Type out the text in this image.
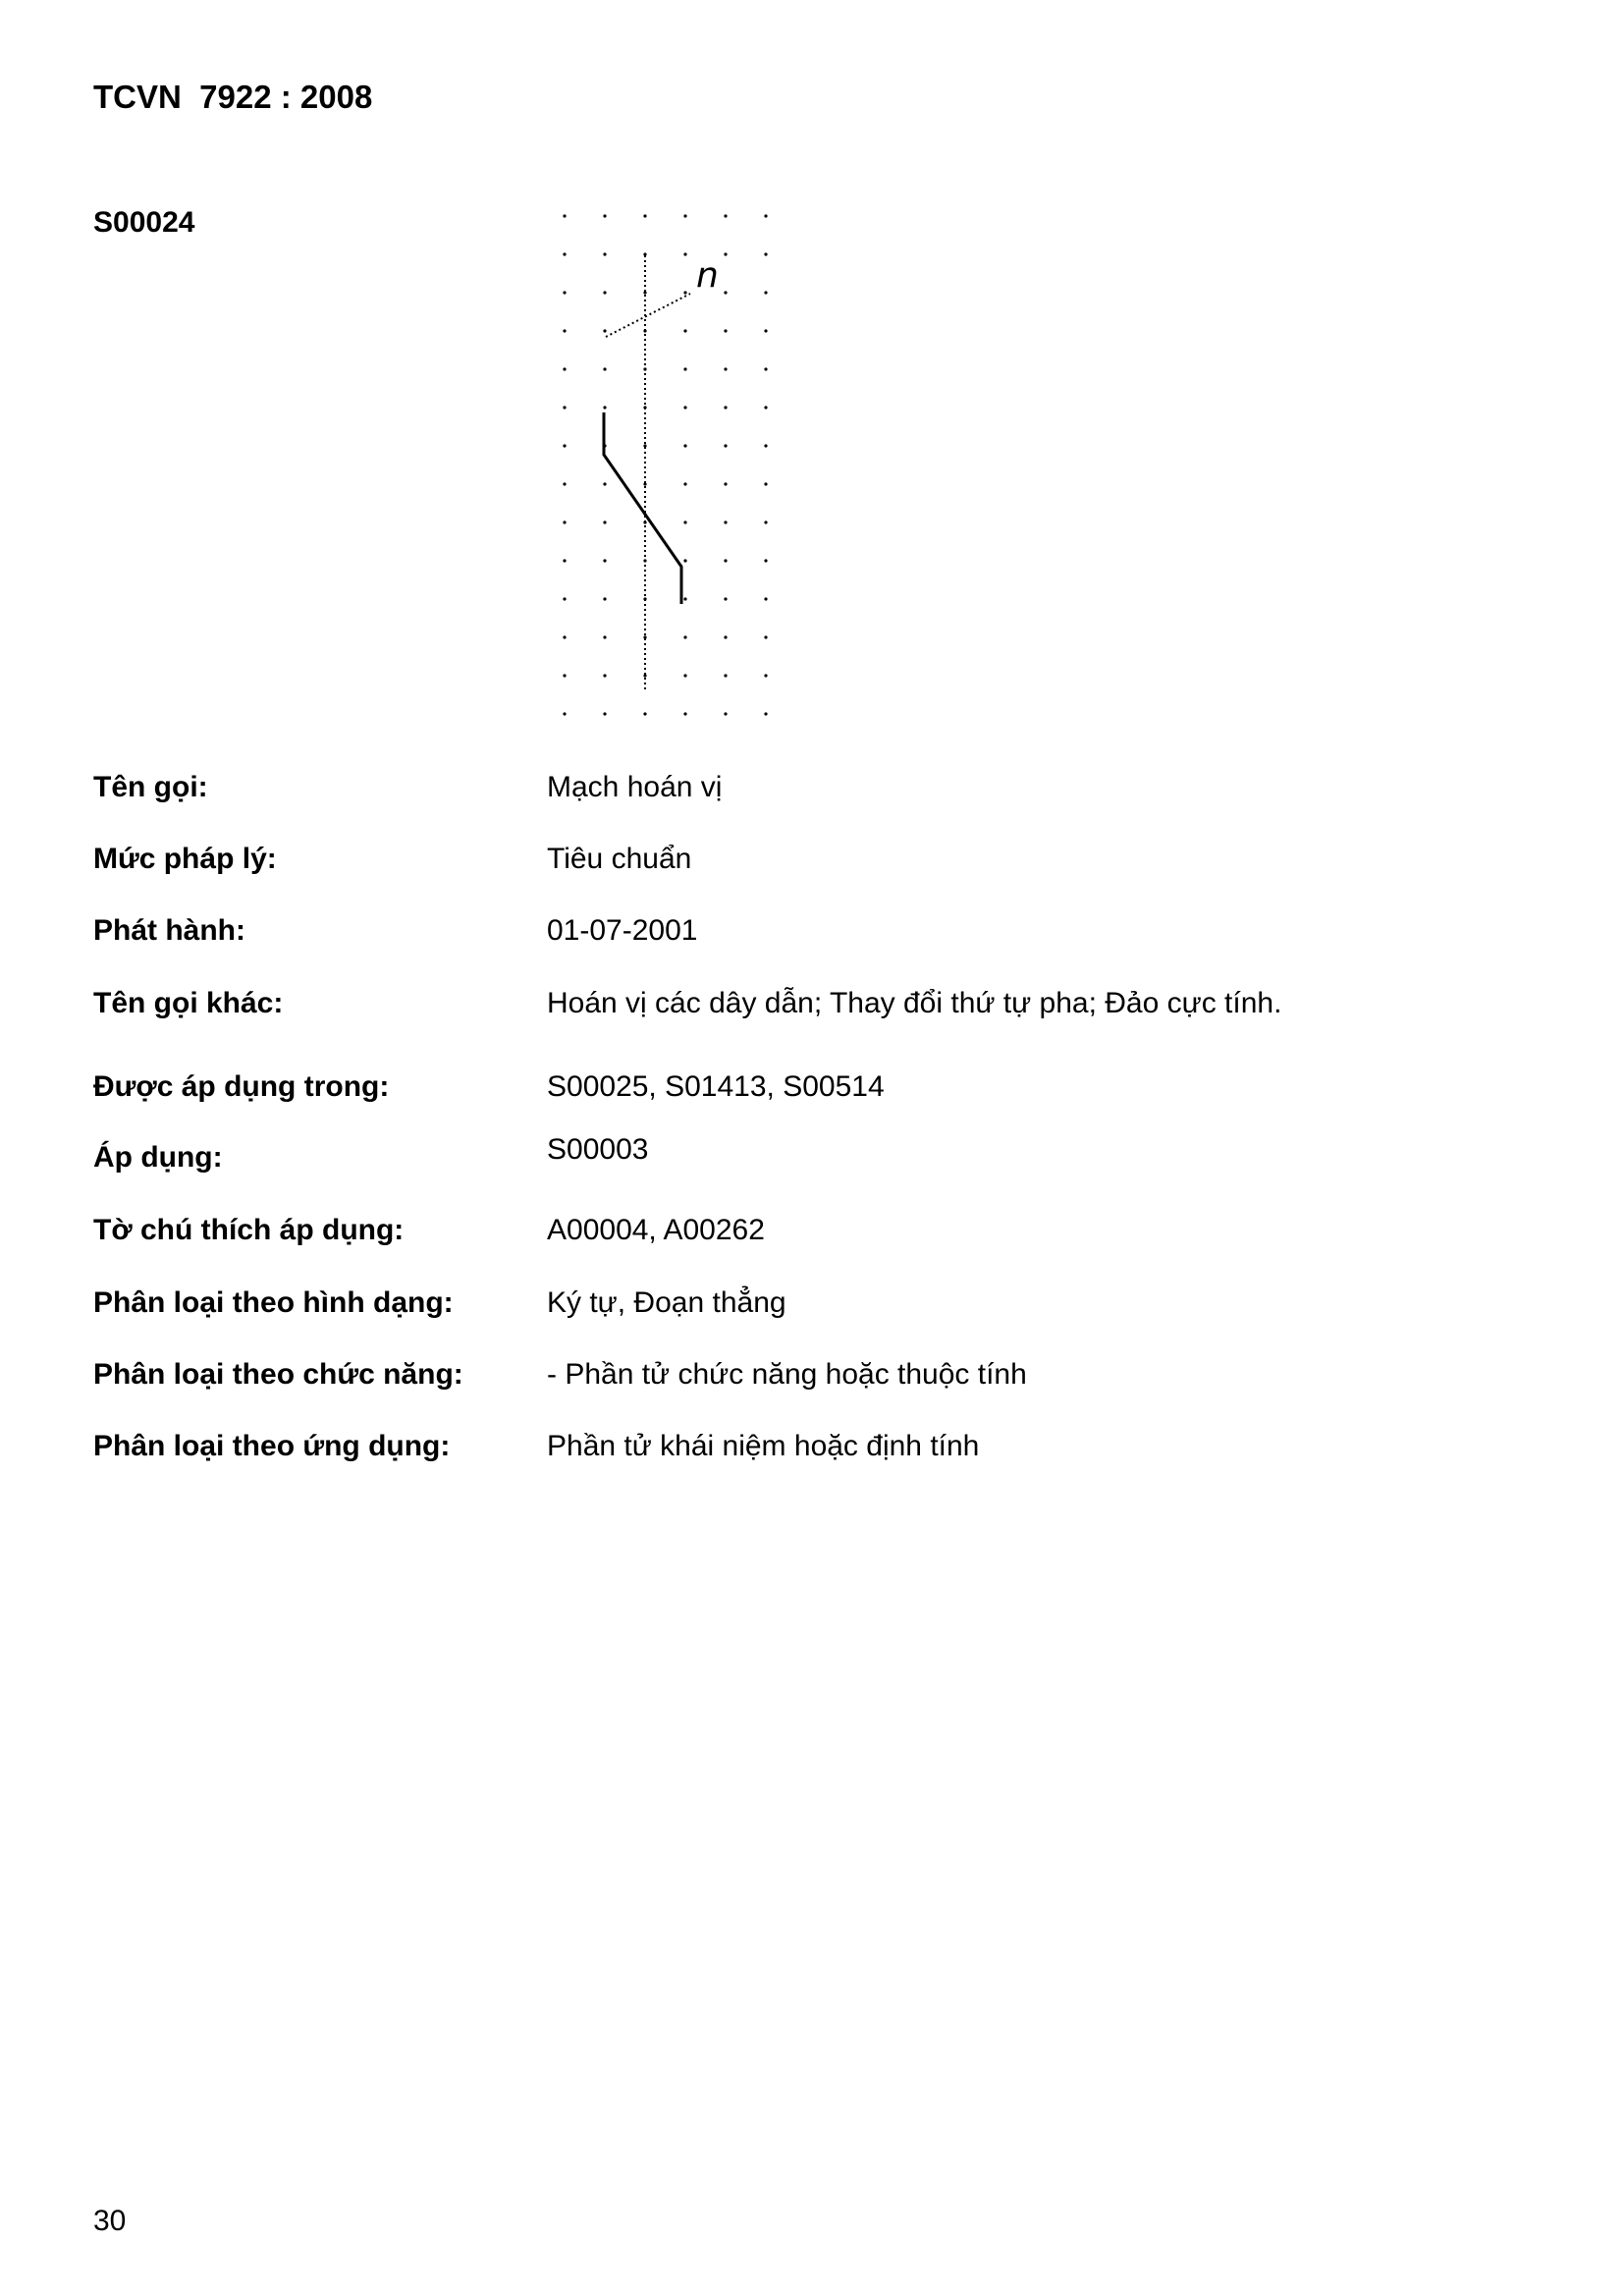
TCVN  7922 : 2008
S00024
n
Tên gọi:	Mạch hoán vị
Mức pháp lý:	Tiêu chuẩn
Phát hành:	01-07-2001
Tên gọi khác:	Hoán vị các dây dẫn; Thay đổi thứ tự pha; Đảo cực tính.
Được áp dụng trong:	S00025, S01413, S00514
Áp dụng:	S00003
Tờ chú thích áp dụng:	A00004, A00262
Phân loại theo hình dạng:	Ký tự, Đoạn thẳng
Phân loại theo chức năng:	- Phần tử chức năng hoặc thuộc tính
Phân loại theo ứng dụng:	Phần tử khái niệm hoặc định tính
30
